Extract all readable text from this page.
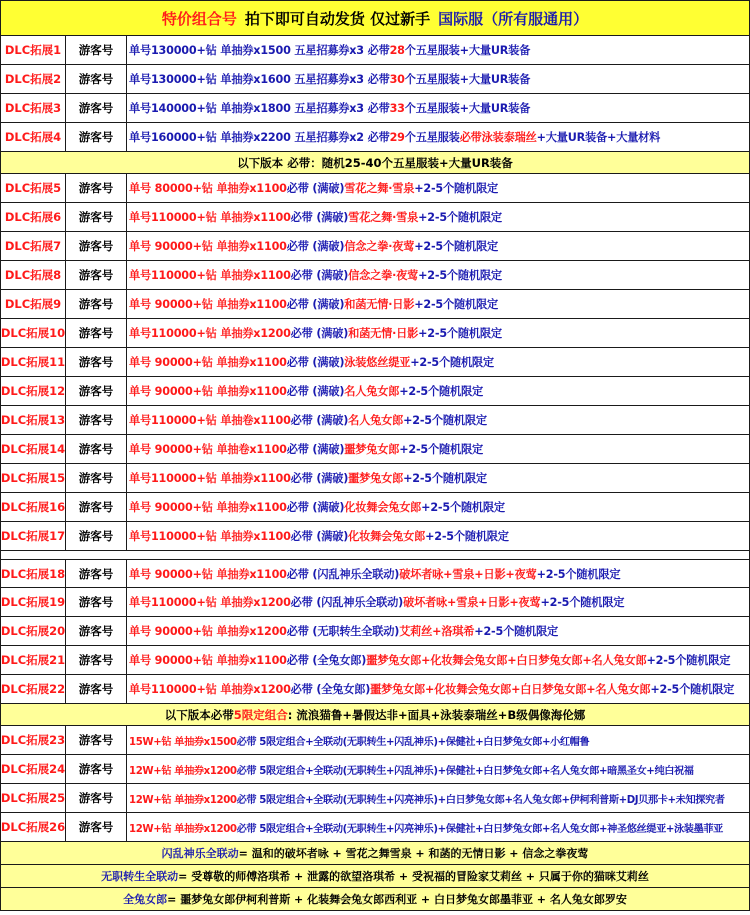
特价组合号 拍下即可自动发货 仅过新手 国际服 （所有服通用）
DLC拓展1 游客号 单号130000+钻 单抽券x1500 五星招募券x3 必带 28 个五星服装+大量UR装备
DLC拓展2 游客号 单号130000+钻 单抽券x1600 五星招募券x3 必带 30 个五星服装+大量UR装备
DLC拓展3 游客号 单号140000+钻 单抽券x1800 五星招募券x3 必带 33 个五星服装+大量UR装备
DLC拓展4 游客号 单号160000+钻 单抽券x2200 五星招募券x2 必带 29 个五星服装 必带泳装泰瑞丝 +大量UR装备+大量材料
以下版本 必带：随机25-40个五星服装+大量UR装备
DLC拓展5 游客号 单号 80000+钻 单抽券x1100 必带 (满破) 雪花之舞·雪泉 +2-5个随机限定
DLC拓展6 游客号 单号110000+钻 单抽券x1100 必带 (满破) 雪花之舞·雪泉 +2-5个随机限定
DLC拓展7 游客号 单号 90000+钻 单抽券x1100 必带 (满破) 信念之拳·夜莺 +2-5个随机限定
DLC拓展8 游客号 单号110000+钻 单抽券x1100 必带 (满破) 信念之拳·夜莺 +2-5个随机限定
DLC拓展9 游客号 单号 90000+钻 单抽券x1100 必带 (满破) 和菡无情·日影 +2-5个随机限定
DLC拓展10 游客号 单号110000+钻 单抽券x1200 必带 (满破) 和菡无情·日影 +2-5个随机限定
DLC拓展11 游客号 单号 90000+钻 单抽券x1100 必带 (满破) 泳装悠丝缇亚 +2-5个随机限定
DLC拓展12 游客号 单号 90000+钻 单抽券x1100 必带 (满破) 名人兔女郎 +2-5个随机限定
DLC拓展13 游客号 单号110000+钻 单抽卷x1100 必带 (满破) 名人兔女郎 +2-5个随机限定
DLC拓展14 游客号 单号 90000+钻 单抽卷x1100 必带 (满破) 噩梦兔女郎 +2-5个随机限定
DLC拓展15 游客号 单号110000+钻 单抽券x1100 必带 (满破) 噩梦兔女郎 +2-5个随机限定
DLC拓展16 游客号 单号 90000+钻 单抽券x1100 必带 (满破) 化妆舞会兔女郎 +2-5个随机限定
DLC拓展17 游客号 单号110000+钻 单抽券x1100 必带 (满破) 化妆舞会兔女郎 +2-5个随机限定
DLC拓展18 游客号 单号 90000+钻 单抽券x1100 必带 (闪乱神乐全联动) 破坏者咏+雪泉+日影+夜莺 +2-5个随机限定
DLC拓展19 游客号 单号110000+钻 单抽券x1200 必带 (闪乱神乐全联动) 破坏者咏+雪泉+日影+夜莺 +2-5个随机限定
DLC拓展20 游客号 单号 90000+钻 单抽券x1200 必带 (无职转生全联动) 艾莉丝+洛琪希 +2-5个随机限定
DLC拓展21 游客号 单号 90000+钻 单抽券x1100 必带 (全兔女郎) 噩梦兔女郎+化妆舞会兔女郎+白日梦兔女郎+名人兔女郎 +2-5个随机限定
DLC拓展22 游客号 单号110000+钻 单抽券x1200 必带 (全兔女郎) 噩梦兔女郎+化妆舞会兔女郎+白日梦兔女郎+名人兔女郎 +2-5个随机限定
以下版本必带 5限定组合 : 流浪猫鲁+暑假达非+面具+泳装泰瑞丝+B级偶像海伦娜
DLC拓展23 游客号 15W+钻 单抽券x1500 必带 5限定组合+全联动(无职转生+闪乱神乐) +保健社+白日梦兔女郎+小红帽鲁
DLC拓展24 游客号 12W+钻 单抽券x1200 必带 5限定组合+全联动(无职转生+闪乱神乐) +保健社+白日梦兔女郎+名人兔女郎+暗黑圣女+纯白祝福
DLC拓展25 游客号 12W+钻 单抽券x1200 必带 5限定组合+全联动(无职转生+闪亮神乐) +白日梦兔女郎+名人兔女郎+伊柯利普斯+DJ贝那卡+未知探究者
DLC拓展26 游客号 12W+钻 单抽券x1200 必带 5限定组合+全联动(无职转生+闪亮神乐) +保健社+白日梦兔女郎+名人兔女郎+神圣悠丝缇亚+泳装墨菲亚
闪乱神乐全联动 = 温和的破坏者咏 + 雪花之舞雪泉 + 和菡的无情日影 + 信念之拳夜莺
无职转生全联动 = 受尊敬的师傅洛琪希 + 泄露的欲望洛琪希 + 受祝福的冒险家艾莉丝 + 只属于你的猫咪艾莉丝
全兔女郎 = 噩梦兔女郎伊柯利普斯 + 化装舞会兔女郎西利亚 + 白日梦兔女郎墨菲亚 + 名人兔女郎罗安
